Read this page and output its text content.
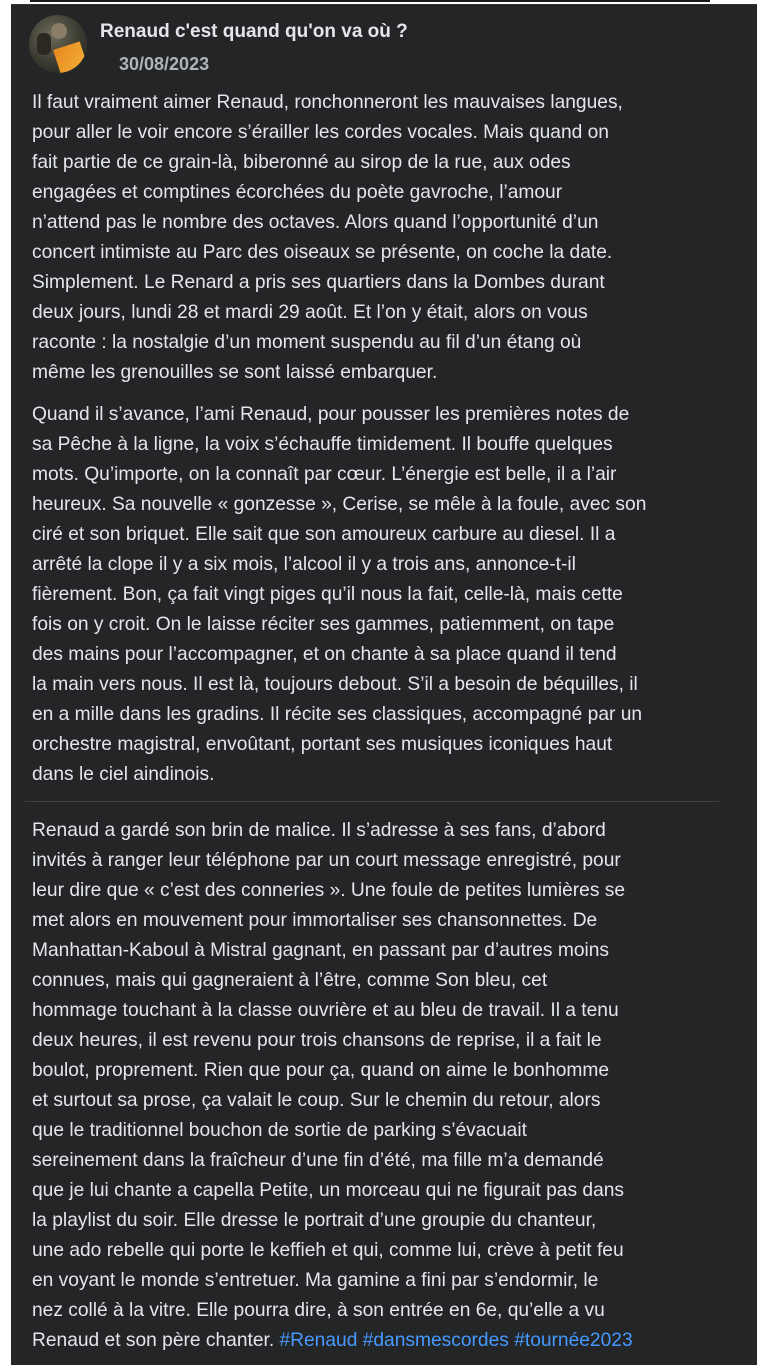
Renaud c'est quand qu'on va où ?
30/08/2023

Il faut vraiment aimer Renaud, ronchonneront les mauvaises langues,
pour aller le voir encore s’érailler les cordes vocales. Mais quand on
fait partie de ce grain-là, biberonné au sirop de la rue, aux odes
engagées et comptines écorchées du poète gavroche, l’amour
n’attend pas le nombre des octaves. Alors quand l’opportunité d’un
concert intimiste au Parc des oiseaux se présente, on coche la date.
Simplement. Le Renard a pris ses quartiers dans la Dombes durant
deux jours, lundi 28 et mardi 29 août. Et l’on y était, alors on vous
raconte : la nostalgie d’un moment suspendu au fil d’un étang où
même les grenouilles se sont laissé embarquer.

Quand il s’avance, l’ami Renaud, pour pousser les premières notes de
sa Pêche à la ligne, la voix s’échauffe timidement. Il bouffe quelques
mots. Qu’importe, on la connaît par cœur. L’énergie est belle, il a l’air
heureux. Sa nouvelle « gonzesse », Cerise, se mêle à la foule, avec son
ciré et son briquet. Elle sait que son amoureux carbure au diesel. Il a
arrêté la clope il y a six mois, l’alcool il y a trois ans, annonce-t-il
fièrement. Bon, ça fait vingt piges qu’il nous la fait, celle-là, mais cette
fois on y croit. On le laisse réciter ses gammes, patiemment, on tape
des mains pour l’accompagner, et on chante à sa place quand il tend
la main vers nous. Il est là, toujours debout. S’il a besoin de béquilles, il
en a mille dans les gradins. Il récite ses classiques, accompagné par un
orchestre magistral, envoûtant, portant ses musiques iconiques haut
dans le ciel aindinois.

Renaud a gardé son brin de malice. Il s’adresse à ses fans, d’abord
invités à ranger leur téléphone par un court message enregistré, pour
leur dire que « c’est des conneries ». Une foule de petites lumières se
met alors en mouvement pour immortaliser ses chansonnettes. De
Manhattan-Kaboul à Mistral gagnant, en passant par d’autres moins
connues, mais qui gagneraient à l’être, comme Son bleu, cet
hommage touchant à la classe ouvrière et au bleu de travail. Il a tenu
deux heures, il est revenu pour trois chansons de reprise, il a fait le
boulot, proprement. Rien que pour ça, quand on aime le bonhomme
et surtout sa prose, ça valait le coup. Sur le chemin du retour, alors
que le traditionnel bouchon de sortie de parking s’évacuait
sereinement dans la fraîcheur d’une fin d’été, ma fille m’a demandé
que je lui chante a capella Petite, un morceau qui ne figurait pas dans
la playlist du soir. Elle dresse le portrait d’une groupie du chanteur,
une ado rebelle qui porte le keffieh et qui, comme lui, crève à petit feu
en voyant le monde s’entretuer. Ma gamine a fini par s’endormir, le
nez collé à la vitre. Elle pourra dire, à son entrée en 6e, qu’elle a vu
Renaud et son père chanter. #Renaud #dansmescordes #tournée2023
